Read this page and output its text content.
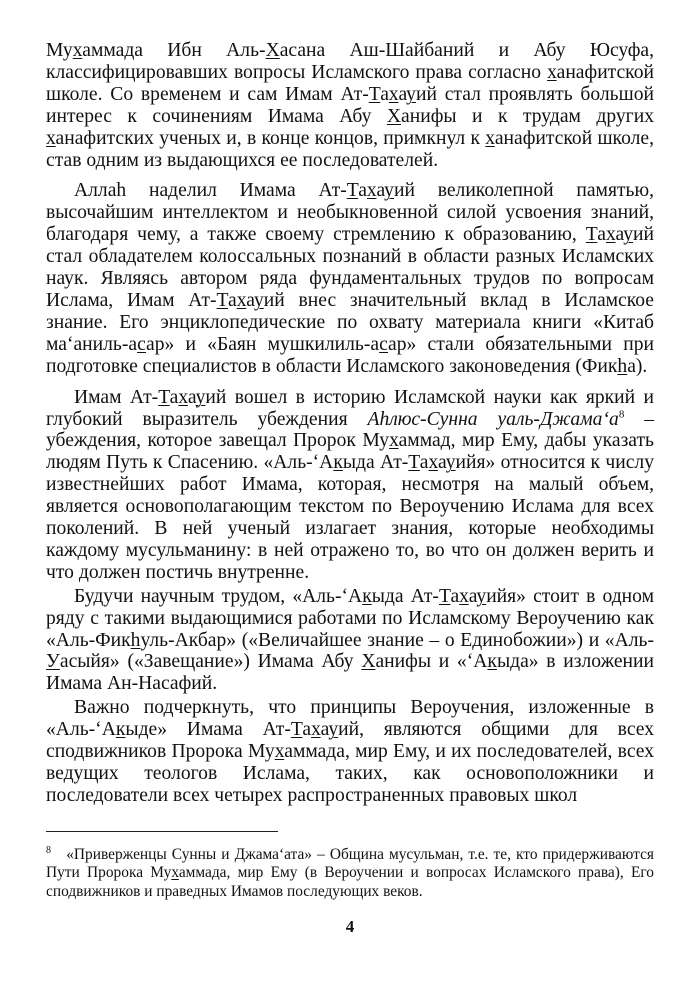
Мухаммада Ибн Аль-Хасана Аш-Шайбаний и Абу Юсуфа, классифицировавших вопросы Исламского права согласно ханафитской школе. Со временем и сам Имам Ат-Тахауий стал проявлять большой интерес к сочинениям Имама Абу Ханифы и к трудам других ханафитских ученых и, в конце концов, примкнул к ханафитской школе, став одним из выдающихся ее последователей.

Аллаh наделил Имама Ат-Тахауий великолепной памятью, высочайшим интеллектом и необыкновенной силой усвоения знаний, благодаря чему, а также своему стремлению к образованию, Тахауий стал обладателем колоссальных познаний в области разных Исламских наук. Являясь автором ряда фундаментальных трудов по вопросам Ислама, Имам Ат-Тахауий внес значительный вклад в Исламское знание. Его энциклопедические по охвату материала книги «Китаб ма‘аниль-асар» и «Баян мушкилиль-асар» стали обязательными при подготовке специалистов в области Исламского законоведения (Фикhа).

Имам Ат-Тахауий вошел в историю Исламской науки как яркий и глубокий выразитель убеждения Аhлюс-Сунна уаль-$Джама‘а^8$ – убеждения, которое завещал Пророк Мухаммад, мир Ему, дабы указать людям Путь к Спасению. «Аль-‘Акыда Ат-Тахауийя» относится к числу известнейших работ Имама, которая, несмотря на малый объем, является основополагающим текстом по Вероучению Ислама для всех поколений. В ней ученый излагает знания, которые необходимы каждому мусульманину: в ней отражено то, во что он должен верить и что должен постичь внутренне.

Будучи научным трудом, «Аль-‘Акыда Ат-Тахауийя» стоит в одном ряду с такими выдающимися работами по Исламскому Вероучению как «Аль-Фикhуль-Акбар» («Величайшее знание – о Единобожии») и «Аль-Уасыйя» («Завещание») Имама Абу Ханифы и «‘Акыда» в изложении Имама Ан-Насафий.

Важно подчеркнуть, что принципы Вероучения, изложенные в «Аль-‘Акыде» Имама Ат-Тахауий, являются общими для всех сподвижников Пророка Мухаммада, мир Ему, и их последователей, всех ведущих теологов Ислама, таких, как основоположники и последователи всех четырех распространенных правовых школ

$^8$ «Приверженцы Сунны и Джама‘ата» – Община мусульман, т.е. те, кто придерживаются Пути Пророка Мухаммада, мир Ему (в Вероучении и вопросах Исламского права), Его сподвижников и праведных Имамов последующих веков.

4
